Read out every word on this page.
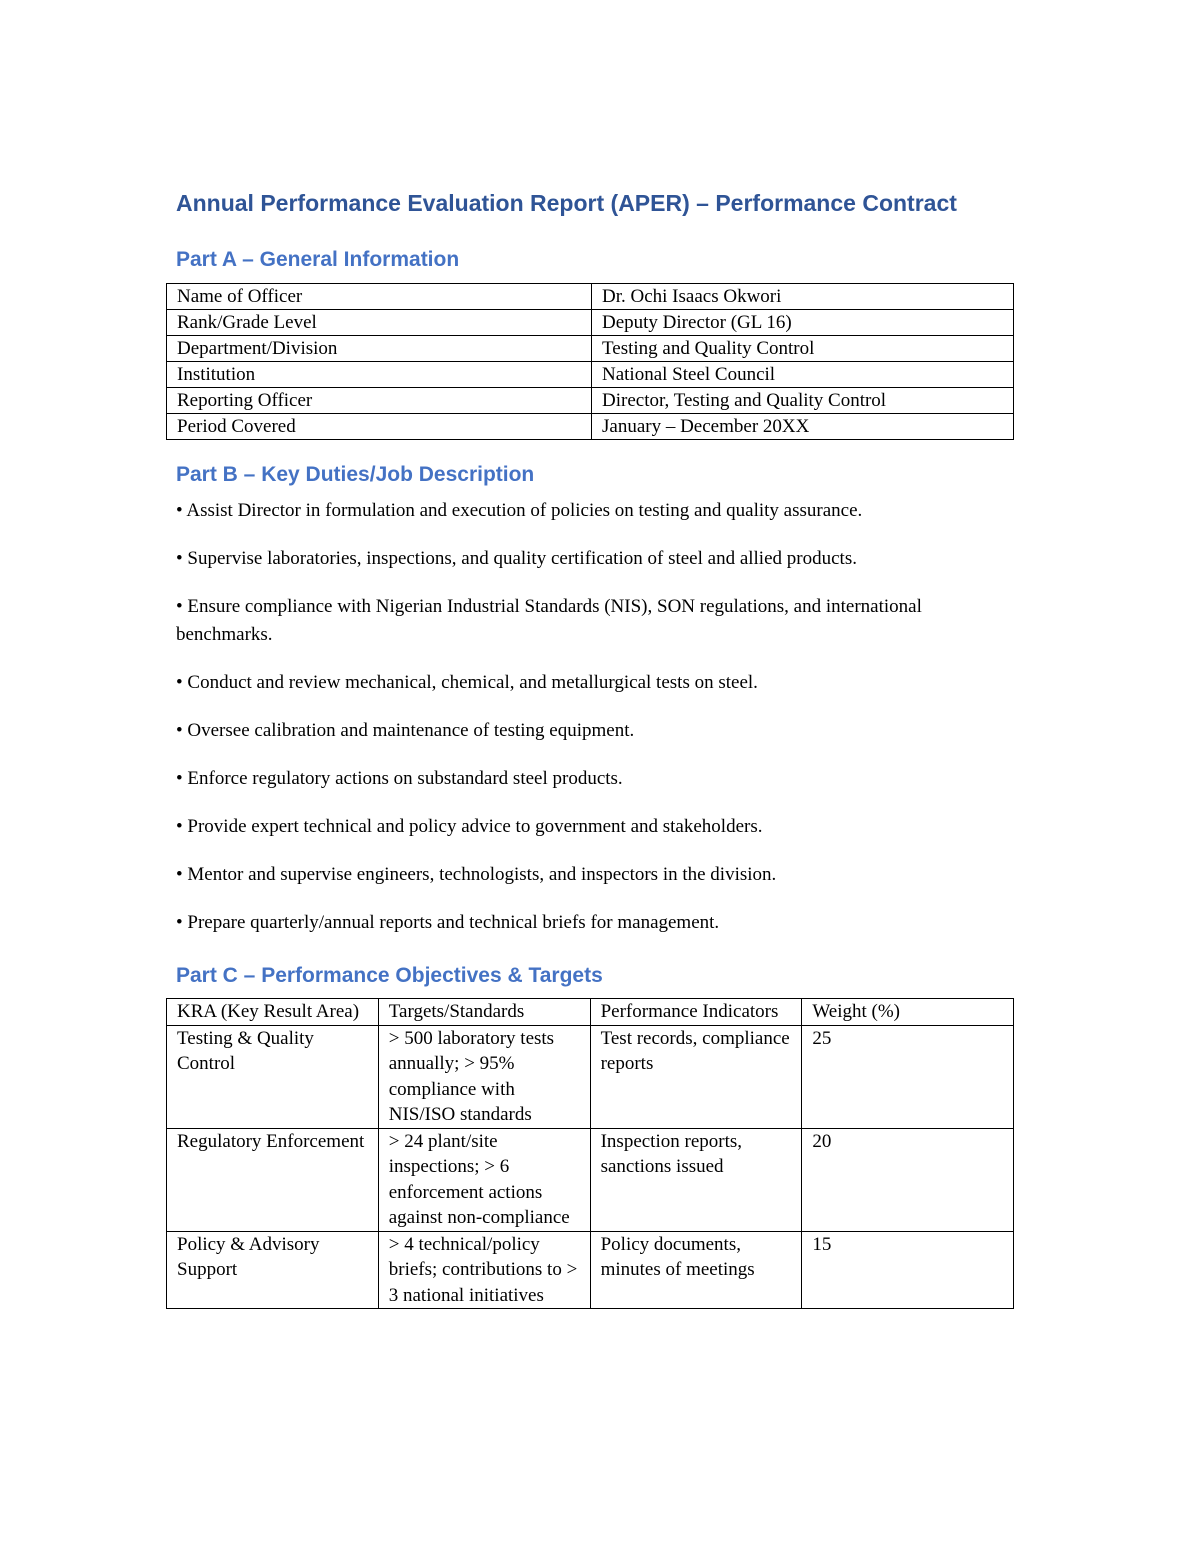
Annual Performance Evaluation Report (APER) – Performance Contract
Part A – General Information
Name of Officer	Dr. Ochi Isaacs Okwori
Rank/Grade Level	Deputy Director (GL 16)
Department/Division	Testing and Quality Control
Institution	National Steel Council
Reporting Officer	Director, Testing and Quality Control
Period Covered	January – December 20XX
Part B – Key Duties/Job Description
• Assist Director in formulation and execution of policies on testing and quality assurance.
• Supervise laboratories, inspections, and quality certification of steel and allied products.
• Ensure compliance with Nigerian Industrial Standards (NIS), SON regulations, and international benchmarks.
• Conduct and review mechanical, chemical, and metallurgical tests on steel.
• Oversee calibration and maintenance of testing equipment.
• Enforce regulatory actions on substandard steel products.
• Provide expert technical and policy advice to government and stakeholders.
• Mentor and supervise engineers, technologists, and inspectors in the division.
• Prepare quarterly/annual reports and technical briefs for management.
Part C – Performance Objectives & Targets
KRA (Key Result Area)	Targets/Standards	Performance Indicators	Weight (%)
Testing & Quality Control	> 500 laboratory tests annually; > 95% compliance with NIS/ISO standards	Test records, compliance reports	25
Regulatory Enforcement	> 24 plant/site inspections; > 6 enforcement actions against non-compliance	Inspection reports, sanctions issued	20
Policy & Advisory Support	> 4 technical/policy briefs; contributions to > 3 national initiatives	Policy documents, minutes of meetings	15
